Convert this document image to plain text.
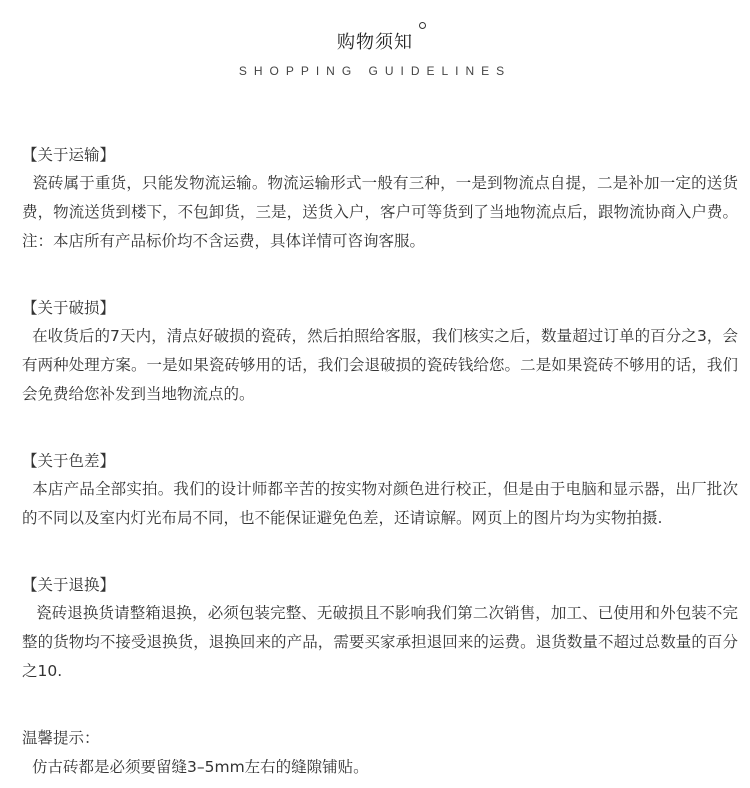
购物须知
SHOPPING GUIDELINES
【关于运输】
瓷砖属于重货，只能发物流运输。物流运输形式一般有三种，一是到物流点自提，二是补加一定的送货费，物流送货到楼下，不包卸货，三是，送货入户，客户可等货到了当地物流点后，跟物流协商入户费。注：本店所有产品标价均不含运费，具体详情可咨询客服。
【关于破损】
在收货后的7天内，清点好破损的瓷砖，然后拍照给客服，我们核实之后，数量超过订单的百分之3，会有两种处理方案。一是如果瓷砖够用的话，我们会退破损的瓷砖钱给您。二是如果瓷砖不够用的话，我们会免费给您补发到当地物流点的。
【关于色差】
本店产品全部实拍。我们的设计师都辛苦的按实物对颜色进行校正，但是由于电脑和显示器，出厂批次的不同以及室内灯光布局不同，也不能保证避免色差，还请谅解。网页上的图片均为实物拍摄.
【关于退换】
瓷砖退换货请整箱退换，必须包装完整、无破损且不影响我们第二次销售，加工、已使用和外包装不完整的货物均不接受退换货，退换回来的产品，需要买家承担退回来的运费。退货数量不超过总数量的百分之10.
温馨提示：
仿古砖都是必须要留缝3–5mm左右的缝隙铺贴。
